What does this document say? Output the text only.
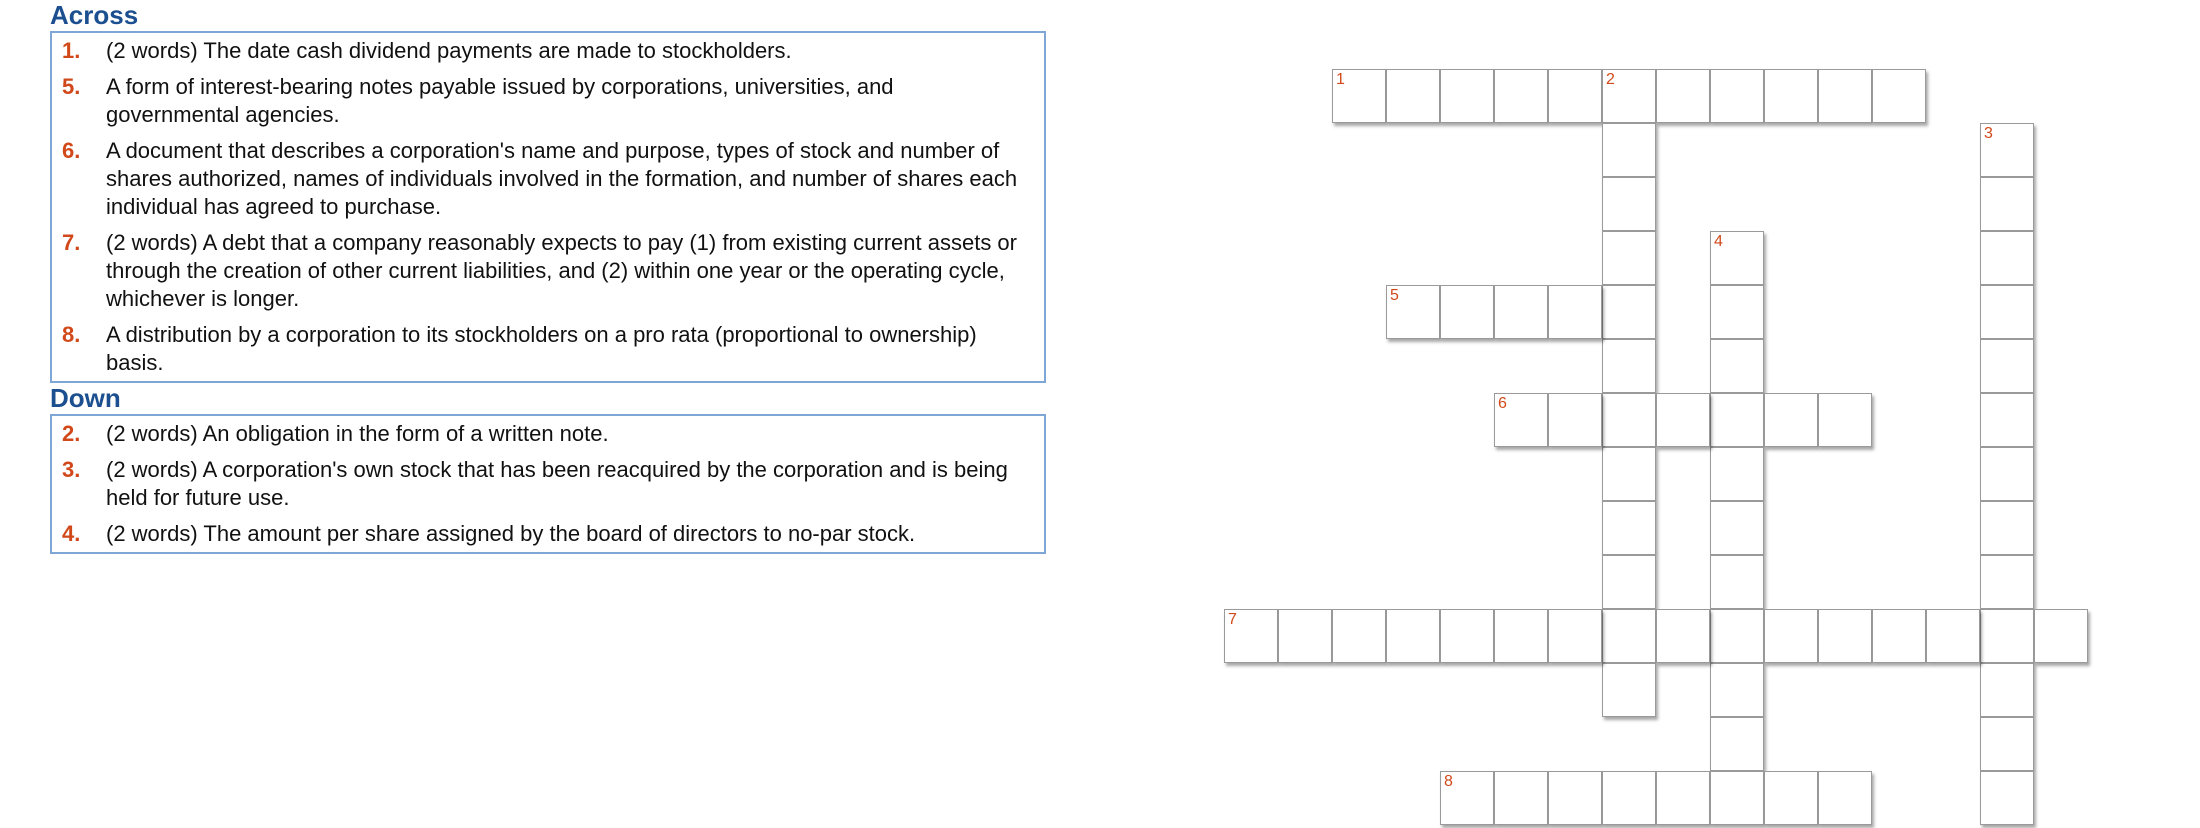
Across
1. (2 words) The date cash dividend payments are made to stockholders.
5. A form of interest-bearing notes payable issued by corporations, universities, and governmental agencies.
6. A document that describes a corporation's name and purpose, types of stock and number of shares authorized, names of individuals involved in the formation, and number of shares each individual has agreed to purchase.
7. (2 words) A debt that a company reasonably expects to pay (1) from existing current assets or through the creation of other current liabilities, and (2) within one year or the operating cycle, whichever is longer.
8. A distribution by a corporation to its stockholders on a pro rata (proportional to ownership) basis.
Down
2. (2 words) An obligation in the form of a written note.
3. (2 words) A corporation's own stock that has been reacquired by the corporation and is being held for future use.
4. (2 words) The amount per share assigned by the board of directors to no-par stock.
1	2
3
4
5
6
7
8
